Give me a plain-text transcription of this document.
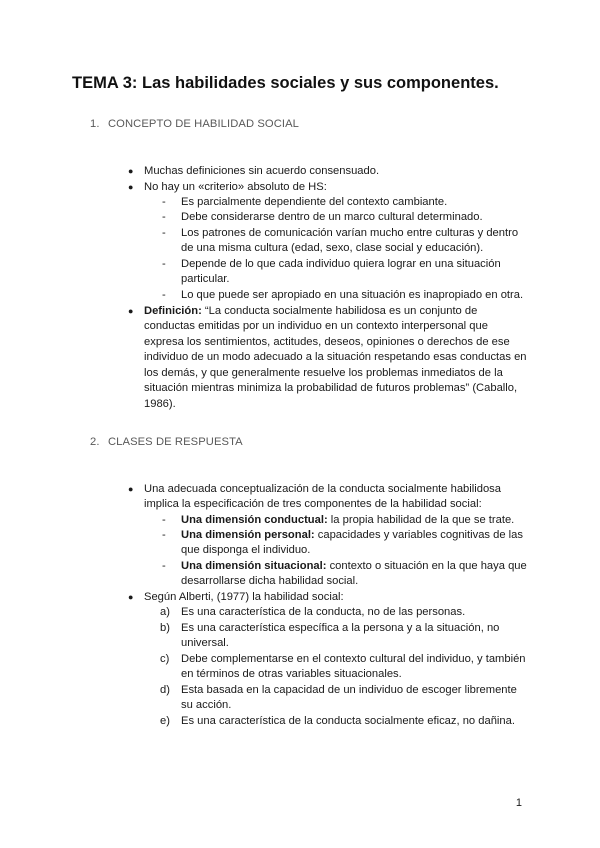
TEMA 3: Las habilidades sociales y sus componentes.
1. CONCEPTO DE HABILIDAD SOCIAL
● Muchas definiciones sin acuerdo consensuado.
● No hay un «criterio» absoluto de HS:
- Es parcialmente dependiente del contexto cambiante.
- Debe considerarse dentro de un marco cultural determinado.
- Los patrones de comunicación varían mucho entre culturas y dentro
de una misma cultura (edad, sexo, clase social y educación).
- Depende de lo que cada individuo quiera lograr en una situación
particular.
- Lo que puede ser apropiado en una situación es inapropiado en otra.
● Definición: “La conducta socialmente habilidosa es un conjunto de
conductas emitidas por un individuo en un contexto interpersonal que
expresa los sentimientos, actitudes, deseos, opiniones o derechos de ese
individuo de un modo adecuado a la situación respetando esas conductas en
los demás, y que generalmente resuelve los problemas inmediatos de la
situación mientras minimiza la probabilidad de futuros problemas” (Caballo,
1986).
2. CLASES DE RESPUESTA
● Una adecuada conceptualización de la conducta socialmente habilidosa
implica la especificación de tres componentes de la habilidad social:
- Una dimensión conductual: la propia habilidad de la que se trate.
- Una dimensión personal: capacidades y variables cognitivas de las
que disponga el individuo.
- Una dimensión situacional: contexto o situación en la que haya que
desarrollarse dicha habilidad social.
● Según Alberti, (1977) la habilidad social:
a) Es una característica de la conducta, no de las personas.
b) Es una característica específica a la persona y a la situación, no
universal.
c) Debe complementarse en el contexto cultural del individuo, y también
en términos de otras variables situacionales.
d) Esta basada en la capacidad de un individuo de escoger libremente
su acción.
e) Es una característica de la conducta socialmente eficaz, no dañina.
1
